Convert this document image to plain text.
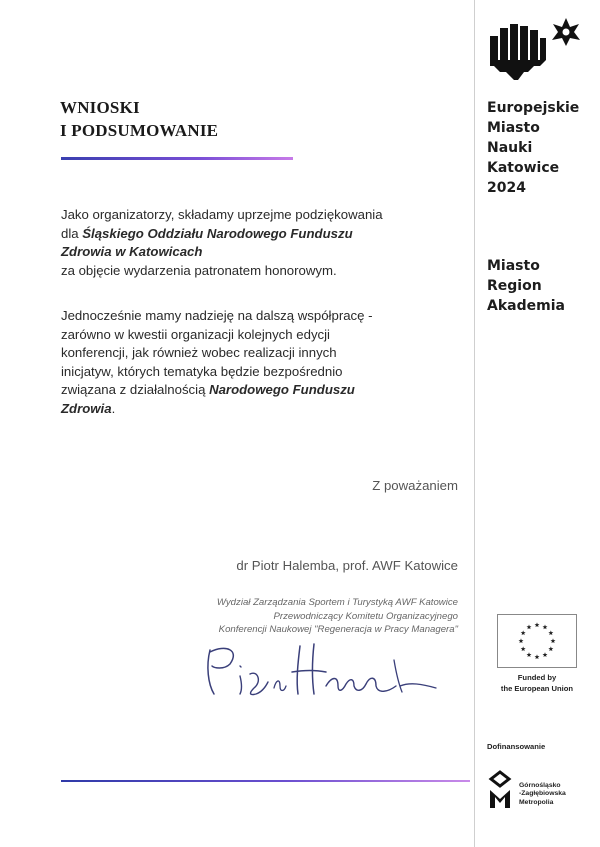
WNIOSKI
I PODSUMOWANIE
Jako organizatorzy, składamy uprzejme podziękowania
dla Śląskiego Oddziału Narodowego Funduszu
Zdrowia w Katowicach
za objęcie wydarzenia patronatem honorowym.
Jednocześnie mamy nadzieję na dalszą współpracę -
zarówno w kwestii organizacji kolejnych edycji
konferencji, jak również wobec realizacji innych
inicjatyw, których tematyka będzie bezpośrednio
związana z działalnością Narodowego Funduszu
Zdrowia.
Z poważaniem
dr Piotr Halemba, prof. AWF Katowice
Wydział Zarządzania Sportem i Turystyką AWF Katowice
Przewodniczący Komitetu Organizacyjnego
Konferencji Naukowej "Regeneracja w Pracy Managera"
Europejskie
Miasto
Nauki
Katowice
2024
Miasto
Region
Akademia
Funded by
the European Union
Dofinansowanie
Górnośląsko
-Zagłębiowska
Metropolia
